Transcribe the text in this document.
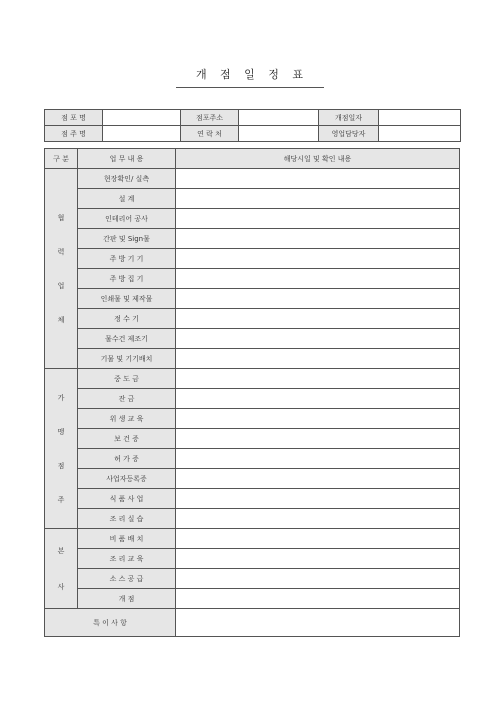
개 점 일 정 표
점 포 명		점포주소		개점일자	
점 주 명		연 락 처		영업담당자	
구 분	업 무 내 용	해당시일 및 확인 내용

협
력
업
체	현장확인/ 실측	
	설 계	
	인테리어 공사	
	간판 및 Sign물	
	주 방 기 기	
	주 방 집 기	
	인쇄물 및 제작물	
	정 수 기	
	물수건 제조기	
	기물 및 기기배치	

가
맹
점
주	중 도 금	
	잔 금	
	위 생 교 육	
	보 건 증	
	허 가 증	
	사업자등록증	
	식 품 사 업	
	조 리 실 습	

본
사	비 품 배 치	
	조 리 교 육	
	소 스 공 급	
	개 점	
특 이 사 항		
